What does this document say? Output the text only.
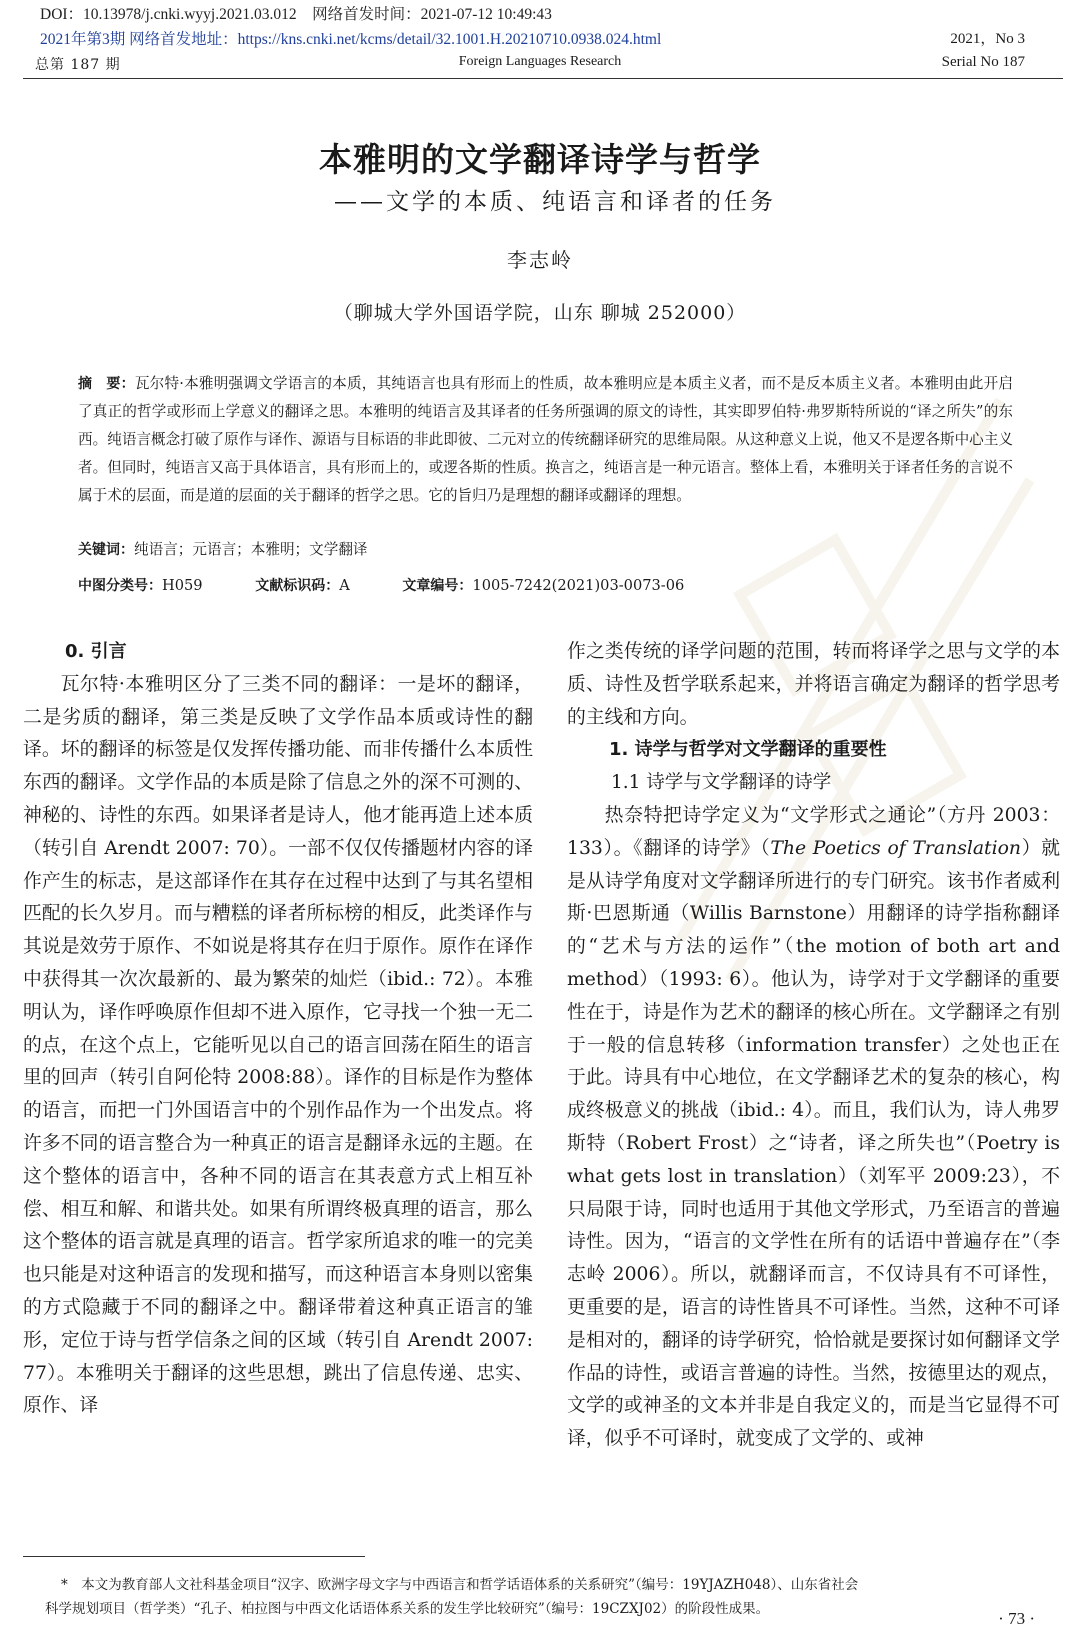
DOI：10.13978/j.cnki.wyyj.2021.03.012 网络首发时间：2021-07-12 10:49:43
2021年第3期 网络首发地址：https://kns.cnki.net/kcms/detail/32.1001.H.20210710.0938.024.html
总第 187 期	Foreign Languages Research
2021，No 3
Serial No 187
本雅明的文学翻译诗学与哲学
——文学的本质、纯语言和译者的任务
李志岭
（聊城大学外国语学院，山东 聊城 252000）
摘　要：瓦尔特·本雅明强调文学语言的本质，其纯语言也具有形而上的性质，故本雅明应是本质主义者，而不是反本质主义者。本雅明由此开启了真正的哲学或形而上学意义的翻译之思。本雅明的纯语言及其译者的任务所强调的原文的诗性，其实即罗伯特·弗罗斯特所说的“译之所失”的东西。纯语言概念打破了原作与译作、源语与目标语的非此即彼、二元对立的传统翻译研究的思维局限。从这种意义上说，他又不是逻各斯中心主义者。但同时，纯语言又高于具体语言，具有形而上的，或逻各斯的性质。换言之，纯语言是一种元语言。整体上看，本雅明关于译者任务的言说不属于术的层面，而是道的层面的关于翻译的哲学之思。它的旨归乃是理想的翻译或翻译的理想。
关键词：纯语言；元语言；本雅明；文学翻译
中图分类号：H059	文献标识码：A	文章编号：1005-7242(2021)03-0073-06
0. 引言

瓦尔特·本雅明区分了三类不同的翻译：一是坏的翻译，二是劣质的翻译，第三类是反映了文学作品本质或诗性的翻译。坏的翻译的标签是仅发挥传播功能、而非传播什么本质性东西的翻译。文学作品的本质是除了信息之外的深不可测的、神秘的、诗性的东西。如果译者是诗人，他才能再造上述本质（转引自 Arendt 2007: 70）。一部不仅仅传播题材内容的译作产生的标志，是这部译作在其存在过程中达到了与其名望相匹配的长久岁月。而与糟糕的译者所标榜的相反，此类译作与其说是效劳于原作、不如说是将其存在归于原作。原作在译作中获得其一次次最新的、最为繁荣的灿烂（ibid.: 72）。本雅明认为，译作呼唤原作但却不进入原作，它寻找一个独一无二的点，在这个点上，它能听见以自己的语言回荡在陌生的语言里的回声（转引自阿伦特 2008:88）。译作的目标是作为整体的语言，而把一门外国语言中的个别作品作为一个出发点。将许多不同的语言整合为一种真正的语言是翻译永远的主题。在这个整体的语言中，各种不同的语言在其表意方式上相互补偿、相互和解、和谐共处。如果有所谓终极真理的语言，那么这个整体的语言就是真理的语言。哲学家所追求的唯一的完美也只能是对这种语言的发现和描写，而这种语言本身则以密集的方式隐藏于不同的翻译之中。翻译带着这种真正语言的雏形，定位于诗与哲学信条之间的区域（转引自 Arendt 2007: 77）。本雅明关于翻译的这些思想，跳出了信息传递、忠实、原作、译

作之类传统的译学问题的范围，转而将译学之思与文学的本质、诗性及哲学联系起来，并将语言确定为翻译的哲学思考的主线和方向。

1. 诗学与哲学对文学翻译的重要性
1.1 诗学与文学翻译的诗学

热奈特把诗学定义为“文学形式之通论”（方丹 2003：133）。《翻译的诗学》（The Poetics of Translation）就是从诗学角度对文学翻译所进行的专门研究。该书作者威利斯·巴恩斯通（Willis Barnstone）用翻译的诗学指称翻译的“艺术与方法的运作”（the motion of both art and method）（1993: 6）。他认为，诗学对于文学翻译的重要性在于，诗是作为艺术的翻译的核心所在。文学翻译之有别于一般的信息转移（information transfer）之处也正在于此。诗具有中心地位，在文学翻译艺术的复杂的核心，构成终极意义的挑战（ibid.: 4）。而且，我们认为，诗人弗罗斯特（Robert Frost）之“诗者，译之所失也”（Poetry is what gets lost in translation）（刘军平 2009:23），不只局限于诗，同时也适用于其他文学形式，乃至语言的普遍诗性。因为，“语言的文学性在所有的话语中普遍存在”（李志岭 2006）。所以，就翻译而言，不仅诗具有不可译性，更重要的是，语言的诗性皆具不可译性。当然，这种不可译是相对的，翻译的诗学研究，恰恰就是要探讨如何翻译文学作品的诗性，或语言普遍的诗性。当然，按德里达的观点，文学的或神圣的文本并非是自我定义的，而是当它显得不可译，似乎不可译时，就变成了文学的、或神

*　本文为教育部人文社科基金项目“汉字、欧洲字母文字与中西语言和哲学话语体系的关系研究”（编号：19YJAZH048）、山东省社会
科学规划项目（哲学类）“孔子、柏拉图与中西文化话语体系关系的发生学比较研究”（编号：19CZXJ02）的阶段性成果。	· 73 ·
